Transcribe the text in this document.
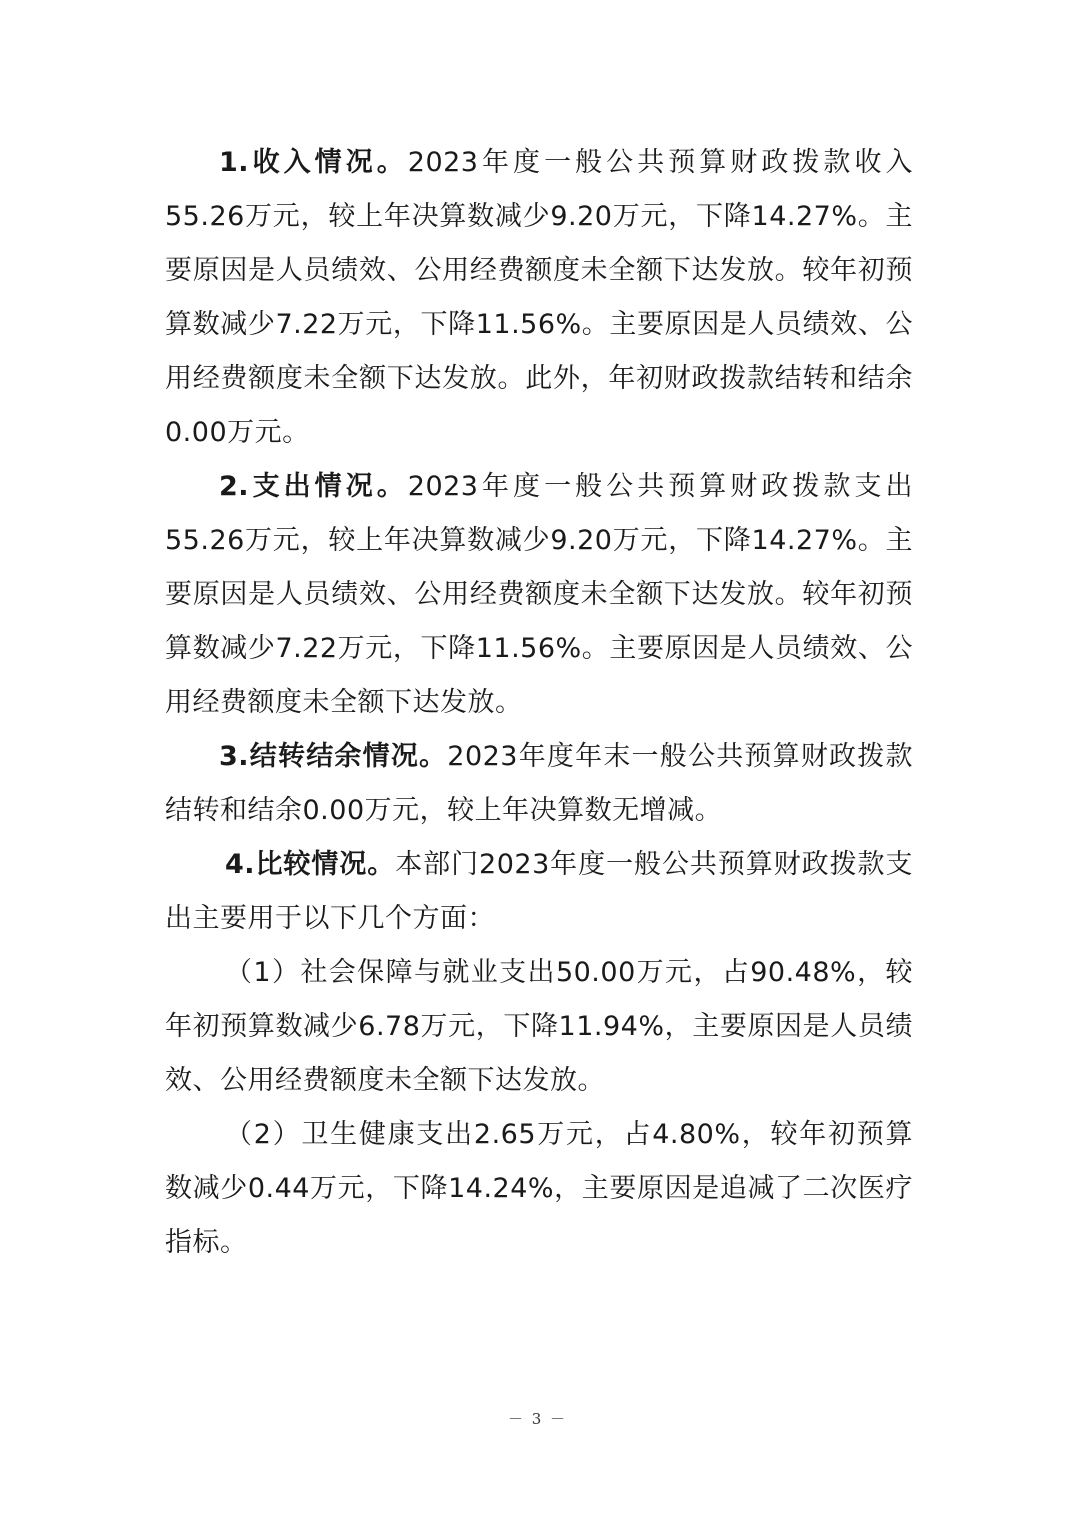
1.收入情况。2023年度一般公共预算财政拨款收入55.26万元，较上年决算数减少9.20万元，下降14.27%。主要原因是人员绩效、公用经费额度未全额下达发放。较年初预算数减少7.22万元，下降11.56%。主要原因是人员绩效、公用经费额度未全额下达发放。此外，年初财政拨款结转和结余0.00万元。

2.支出情况。2023年度一般公共预算财政拨款支出55.26万元，较上年决算数减少9.20万元，下降14.27%。主要原因是人员绩效、公用经费额度未全额下达发放。较年初预算数减少7.22万元，下降11.56%。主要原因是人员绩效、公用经费额度未全额下达发放。

3.结转结余情况。2023年度年末一般公共预算财政拨款结转和结余0.00万元，较上年决算数无增减。

4.比较情况。本部门2023年度一般公共预算财政拨款支出主要用于以下几个方面：

（1）社会保障与就业支出50.00万元，占90.48%，较年初预算数减少6.78万元，下降11.94%，主要原因是人员绩效、公用经费额度未全额下达发放。

（2）卫生健康支出2.65万元，占4.80%，较年初预算数减少0.44万元，下降14.24%，主要原因是追减了二次医疗指标。

－ 3 －
